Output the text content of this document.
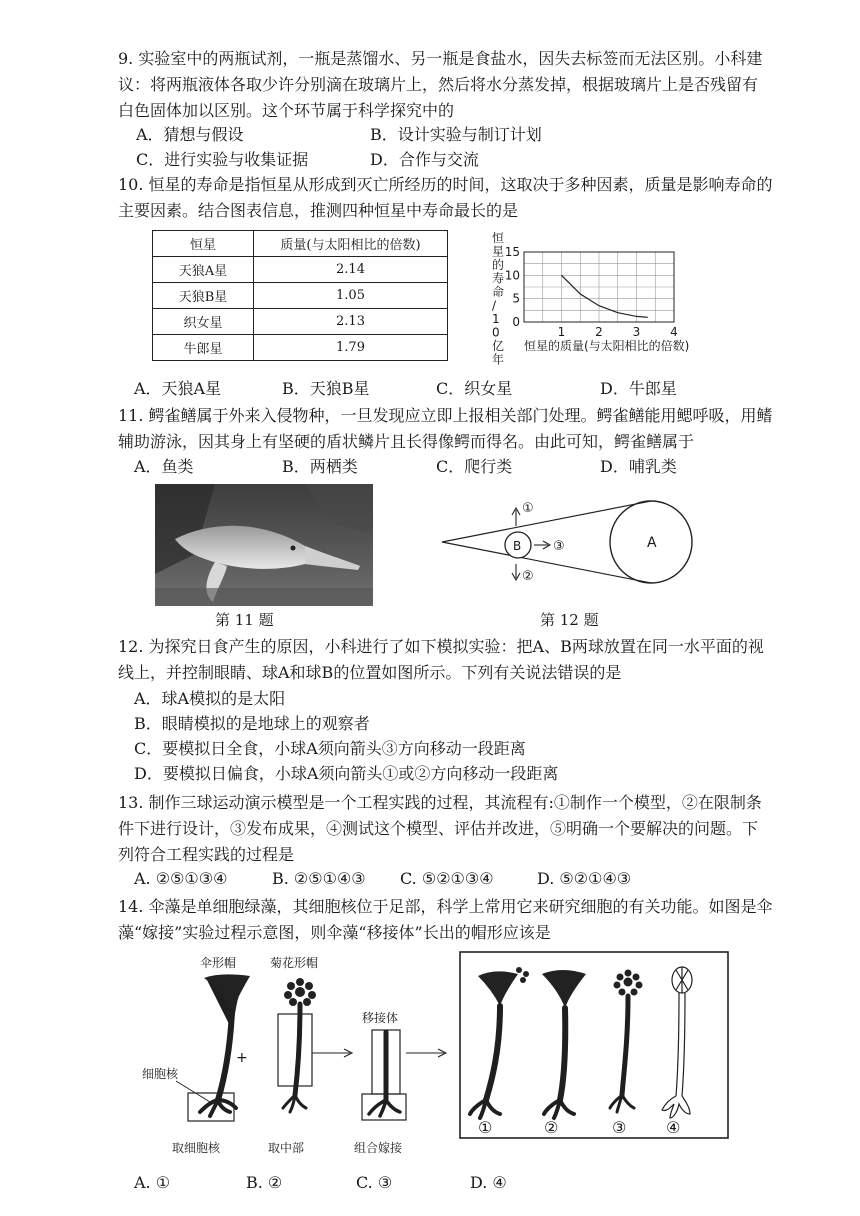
9. 实验室中的两瓶试剂，一瓶是蒸馏水、另一瓶是食盐水，因失去标签而无法区别。小科建
议：将两瓶液体各取少许分别滴在玻璃片上，然后将水分蒸发掉，根据玻璃片上是否残留有
白色固体加以区别。这个环节属于科学探究中的
A．猜想与假设	B．设计实验与制订计划
C．进行实验与收集证据	D．合作与交流
10. 恒星的寿命是指恒星从形成到灭亡所经历的时间，这取决于多种因素，质量是影响寿命的
主要因素。结合图表信息，推测四种恒星中寿命最长的是
恒星	质量(与太阳相比的倍数)
天狼A星	2.14
天狼B星	1.05
织女星	2.13
牛郎星	1.79
恒星的寿命/ 1 0 亿年
0
5
10
15
1 2 3 4
恒星的质量(与太阳相比的倍数)
A．天狼A星	B．天狼B星	C．织女星	D．牛郎星
11. 鳄雀鳝属于外来入侵物种，一旦发现应立即上报相关部门处理。鳄雀鳝能用鳃呼吸，用鳍
辅助游泳，因其身上有坚硬的盾状鳞片且长得像鳄而得名。由此可知，鳄雀鳝属于
A．鱼类	B．两栖类	C．爬行类	D．哺乳类
第 11 题
A
B
①
②
③
第 12 题
12. 为探究日食产生的原因，小科进行了如下模拟实验：把A、B两球放置在同一水平面的视
线上，并控制眼睛、球A和球B的位置如图所示。下列有关说法错误的是
A．球A模拟的是太阳
B．眼睛模拟的是地球上的观察者
C．要模拟日全食，小球A须向箭头③方向移动一段距离
D．要模拟日偏食，小球A须向箭头①或②方向移动一段距离
13. 制作三球运动演示模型是一个工程实践的过程，其流程有:①制作一个模型，②在限制条
件下进行设计，③发布成果，④测试这个模型、评估并改进，⑤明确一个要解决的问题。下
列符合工程实践的过程是
A. ②⑤①③④	B. ②⑤①④③ C. ⑤②①③④	D. ⑤②①④③
14. 伞藻是单细胞绿藻，其细胞核位于足部，科学上常用它来研究细胞的有关功能。如图是伞
藻“嫁接”实验过程示意图，则伞藻“移接体”长出的帽形应该是
伞形帽
细胞核
+
菊花形帽
移接体
①	②	③ ④
取细胞核	取中部	组合嫁接
A. ①	B. ②	C. ③	D. ④
